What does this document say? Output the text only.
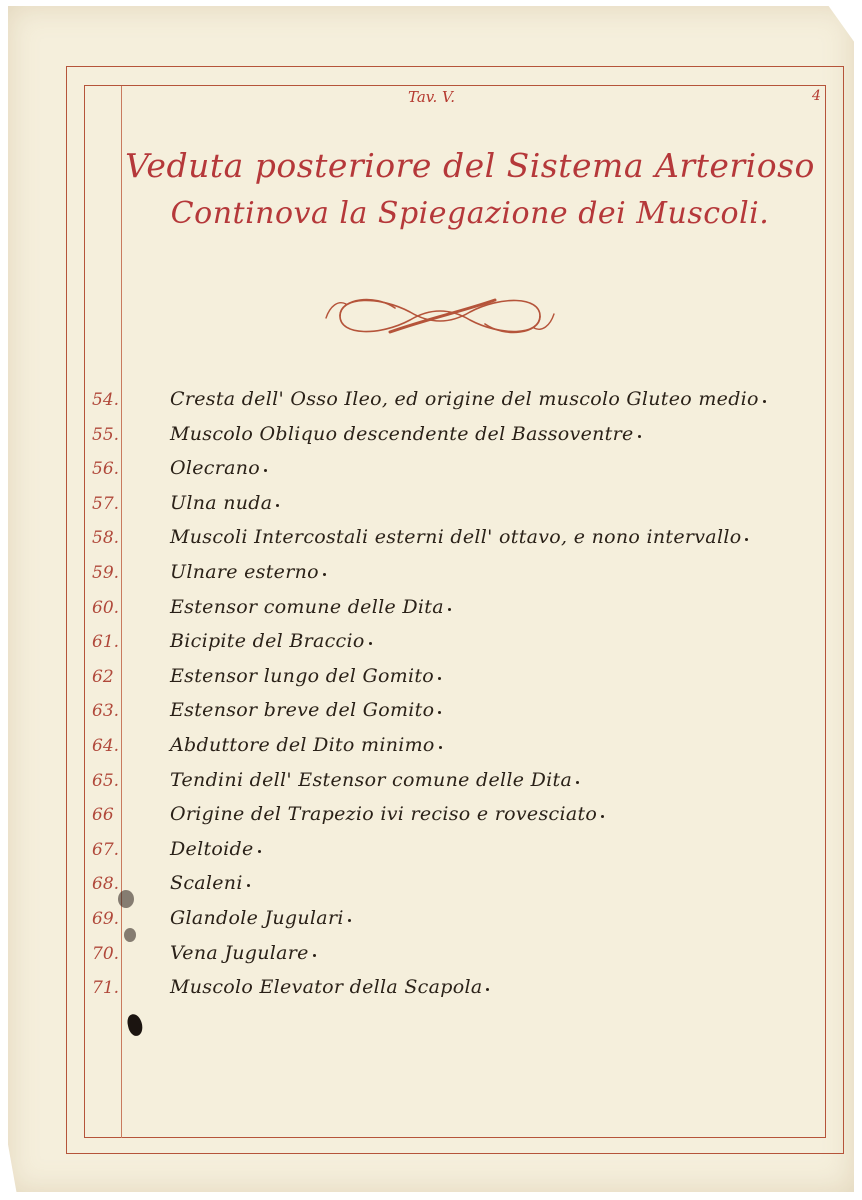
Tav. V.	4
Veduta posteriore del Sistema Arterioso
Continova la Spiegazione dei Muscoli.
54.	Cresta dell' Osso Ileo, ed origine del muscolo Gluteo medio
55.	Muscolo Obliquo descendente del Bassoventre
56.	Olecrano
57.	Ulna nuda
58.	Muscoli Intercostali esterni dell' ottavo, e nono intervallo
59.	Ulnare esterno
60.	Estensor comune delle Dita
61.	Bicipite del Braccio
62	Estensor lungo del Gomito
63.	Estensor breve del Gomito
64.	Abduttore del Dito minimo
65.	Tendini dell' Estensor comune delle Dita
66	Origine del Trapezio ivi reciso e rovesciato
67.	Deltoide
68.	Scaleni
69.	Glandole Jugulari
70.	Vena Jugulare
71.	Muscolo Elevator della Scapola
